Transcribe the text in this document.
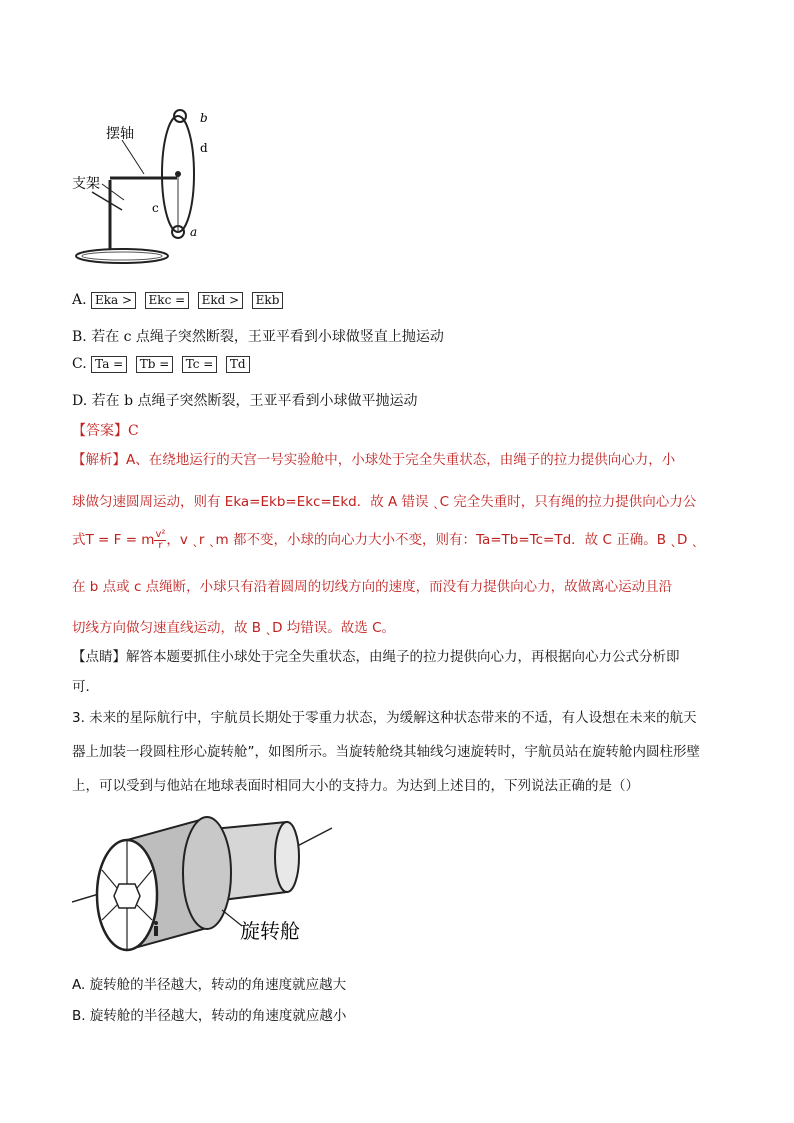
摆轴
支架
b
d
c
a
A. Eka > Ekc = Ekd > Ekb
B. 若在 c 点绳子突然断裂，王亚平看到小球做竖直上抛运动
C. Ta = Tb = Tc = Td
D. 若在 b 点绳子突然断裂，王亚平看到小球做平抛运动
【答案】C
【解析】A、在绕地运行的天宫一号实验舱中，小球处于完全失重状态，由绳子的拉力提供向心力，小
球做匀速圆周运动，则有 Eka=Ekb=Ekc=Ekd．故 A 错误 ˎC 完全失重时，只有绳的拉力提供向心力公
式T = F = m $\frac{\text{v²}}{r}$ ，v ˎr ˎm 都不变，小球的向心力大小不变，则有：Ta=Tb=Tc=Td．故 C 正确。B ˎD ˎ
在 b 点或 c 点绳断，小球只有沿着圆周的切线方向的速度，而没有力提供向心力，故做离心运动且沿
切线方向做匀速直线运动，故 B ˎD 均错误。故选 C。
【点睛】解答本题要抓住小球处于完全失重状态，由绳子的拉力提供向心力，再根据向心力公式分析即
可．
3. 未来的星际航行中，宇航员长期处于零重力状态，为缓解这种状态带来的不适，有人设想在未来的航天
器上加装一段圆柱形心旋转舱”，如图所示。当旋转舱绕其轴线匀速旋转时，宇航员站在旋转舱内圆柱形壁
上，可以受到与他站在地球表面时相同大小的支持力。为达到上述目的，下列说法正确的是（）
旋转舱
A. 旋转舱的半径越大，转动的角速度就应越大
B. 旋转舱的半径越大，转动的角速度就应越小
